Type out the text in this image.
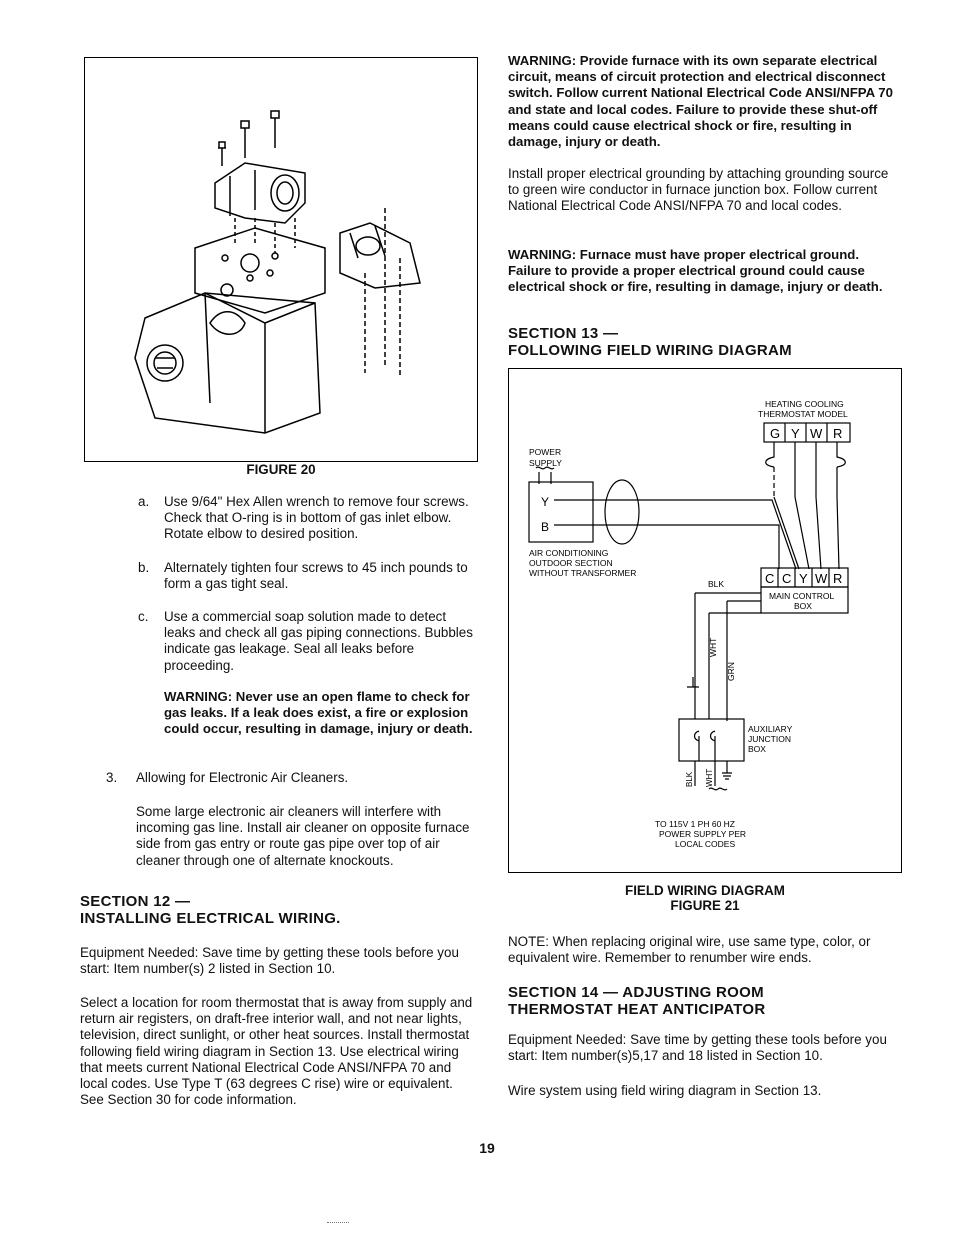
FIGURE 20
a. Use 9/64" Hex Allen wrench to remove four screws. Check that O-ring is in bottom of gas inlet elbow. Rotate elbow to desired position.
b. Alternately tighten four screws to 45 inch pounds to form a gas tight seal.
c. Use a commercial soap solution made to detect leaks and check all gas piping connections. Bubbles indicate gas leakage. Seal all leaks before proceeding.
WARNING: Never use an open flame to check for gas leaks. If a leak does exist, a fire or explosion could occur, resulting in damage, injury or death.
3. Allowing for Electronic Air Cleaners.
Some large electronic air cleaners will interfere with incoming gas line. Install air cleaner on opposite furnace side from gas entry or route gas pipe over top of air cleaner through one of alternate knockouts.
SECTION 12 —
INSTALLING ELECTRICAL WIRING.
Equipment Needed: Save time by getting these tools before you start: Item number(s) 2 listed in Section 10.
Select a location for room thermostat that is away from supply and return air registers, on draft-free interior wall, and not near lights, television, direct sunlight, or other heat sources. Install thermostat following field wiring diagram in Section 13. Use electrical wiring that meets current National Electrical Code ANSI/NFPA 70 and local codes. Use Type T (63 degrees C rise) wire or equivalent. See Section 30 for code information.
WARNING: Provide furnace with its own separate electrical circuit, means of circuit protection and electrical disconnect switch. Follow current National Electrical Code ANSI/NFPA 70 and state and local codes. Failure to provide these shut-off means could cause electrical shock or fire, resulting in damage, injury or death.
Install proper electrical grounding by attaching grounding source to green wire conductor in furnace junction box. Follow current National Electrical Code ANSI/NFPA 70 and local codes.
WARNING: Furnace must have proper electrical ground. Failure to provide a proper electrical ground could cause electrical shock or fire, resulting in damage, injury or death.
SECTION 13 —
FOLLOWING FIELD WIRING DIAGRAM
HEATING COOLING
THERMOSTAT MODEL
G Y W R
POWER
SUPPLY
Y
B
AIR CONDITIONING
OUTDOOR SECTION
WITHOUT TRANSFORMER
BLK	C C Y W R
MAIN CONTROL
BOX
WHT
GRN
AUXILIARY
JUNCTION
BOX
BLK WHT
TO 115V 1 PH 60 HZ
POWER SUPPLY PER
LOCAL CODES
FIELD WIRING DIAGRAM
FIGURE 21
NOTE: When replacing original wire, use same type, color, or equivalent wire. Remember to renumber wire ends.
SECTION 14 — ADJUSTING ROOM
THERMOSTAT HEAT ANTICIPATOR
Equipment Needed: Save time by getting these tools before you start: Item number(s)5,17 and 18 listed in Section 10.
Wire system using field wiring diagram in Section 13.
19
